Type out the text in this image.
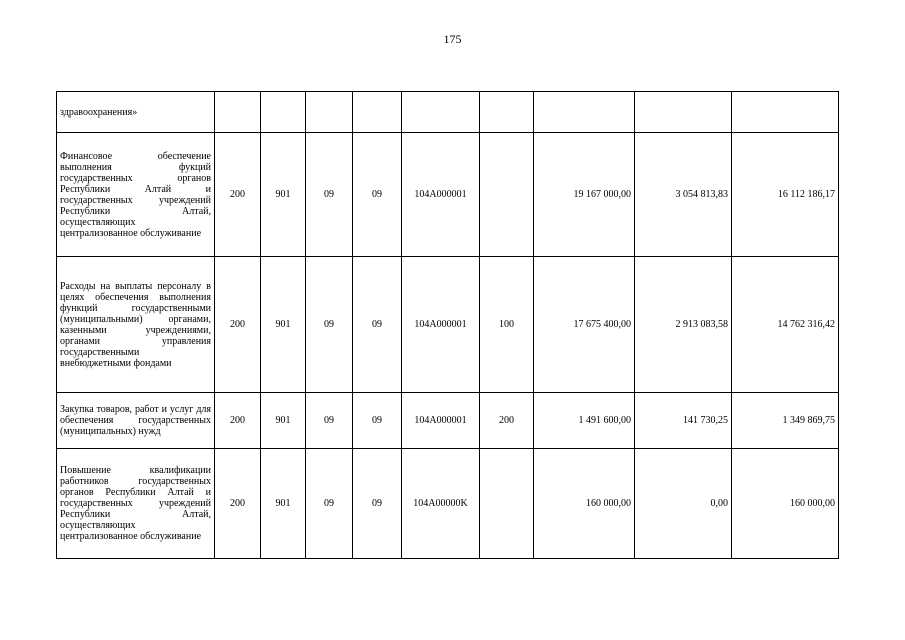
175
здравоохранения»									

Финансовое обеспечение выполнения фукций государственных органов Республики Алтай и государственных учреждений Республики Алтай, осуществляющих централизованное обслуживание	200	901	09	09	104A000001		19 167 000,00	3 054 813,83	16 112 186,17

Расходы на выплаты персоналу в целях обеспечения выполнения функций государственными (муниципальными) органами, казенными учреждениями, органами управления государственными внебюджетными фондами	200	901	09	09	104A000001	100	17 675 400,00	2 913 083,58	14 762 316,42

Закупка товаров, работ и услуг для обеспечения государственных (муниципальных) нужд	200	901	09	09	104A000001	200	1 491 600,00	141 730,25	1 349 869,75

Повышение квалификации работников государственных органов Республики Алтай и государственных учреждений Республики Алтай, осуществляющих централизованное обслуживание	200	901	09	09	104A00000K		160 000,00	0,00	160 000,00
